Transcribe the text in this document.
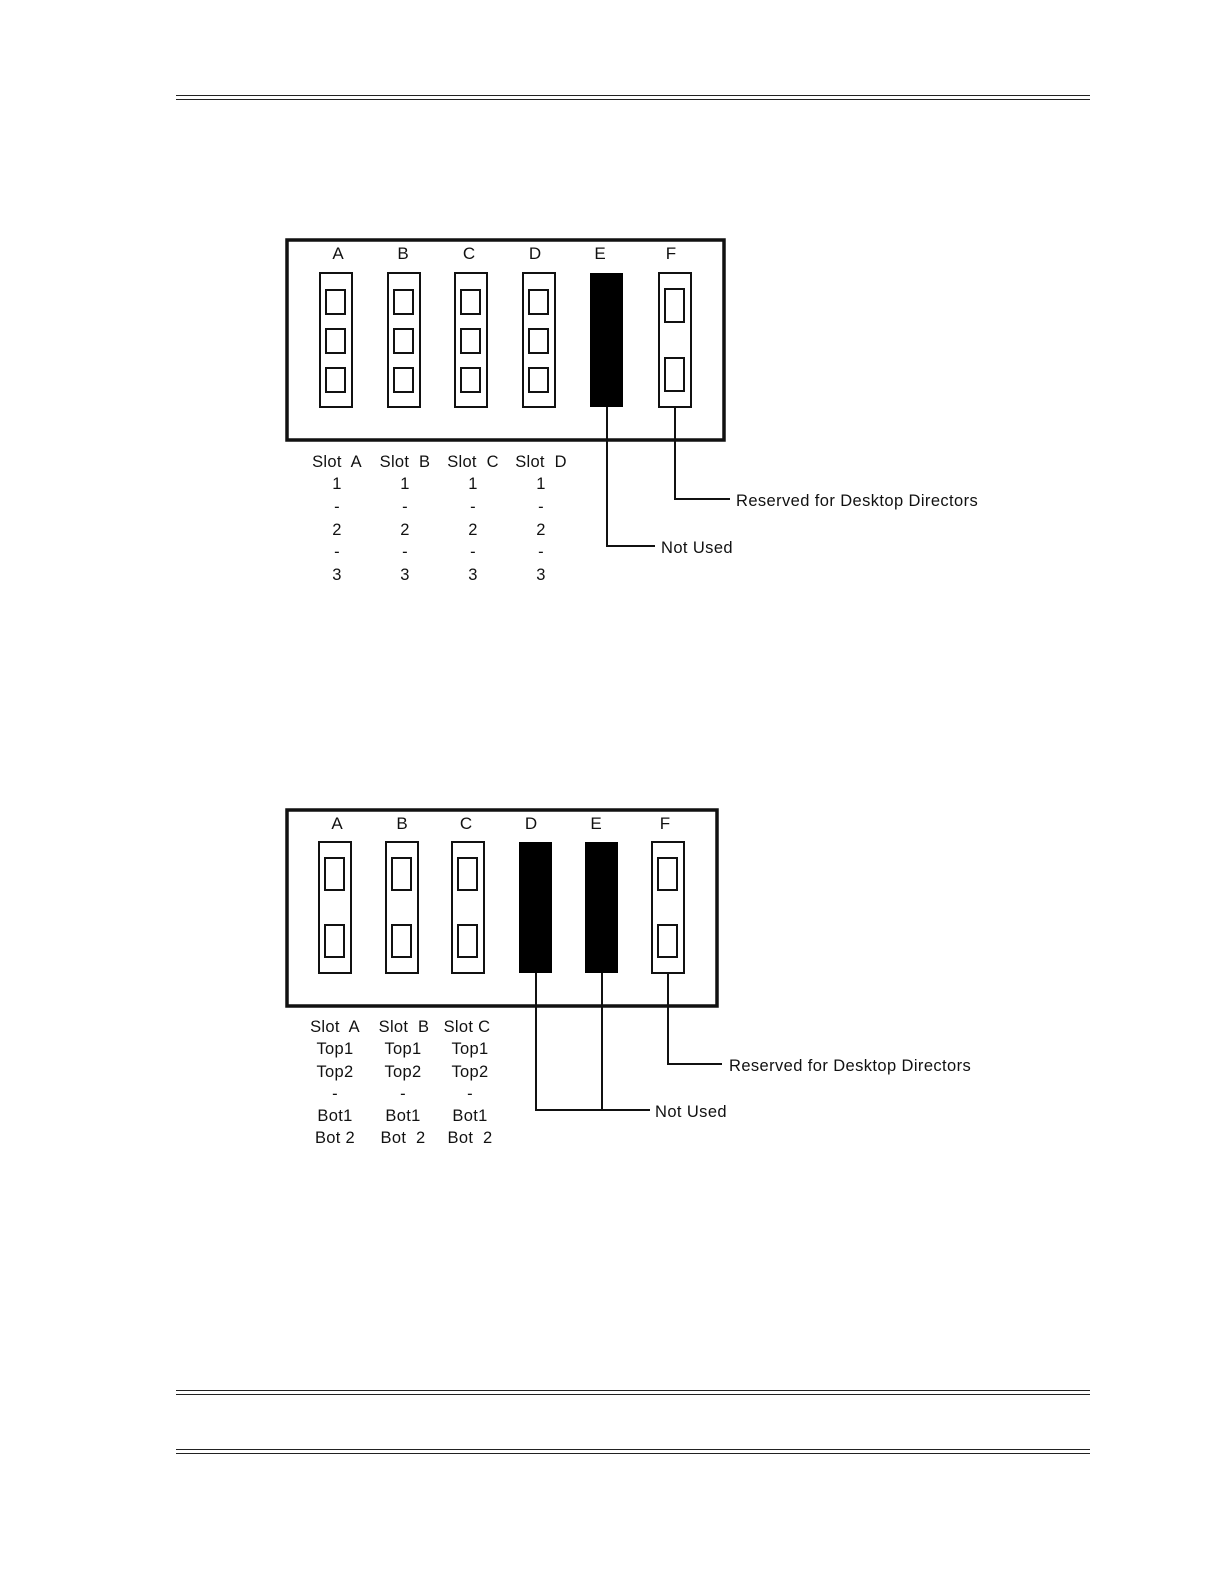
A	B	C	D	E	F
Reserved for Desktop Directors
Not Used
Slot  A Slot  B Slot  C Slot  D
1	1	1	1
-	-	-	-
2	2	2	2
-	-	-	-
3	3	3	3
A	B	C	D	E	F
Reserved for Desktop Directors
Not Used
Slot  A Slot  B Slot C
Top1 Top1 Top1
Top2 Top2 Top2
-	-	-
Bot1 Bot1 Bot1
Bot 2 Bot  2 Bot  2
